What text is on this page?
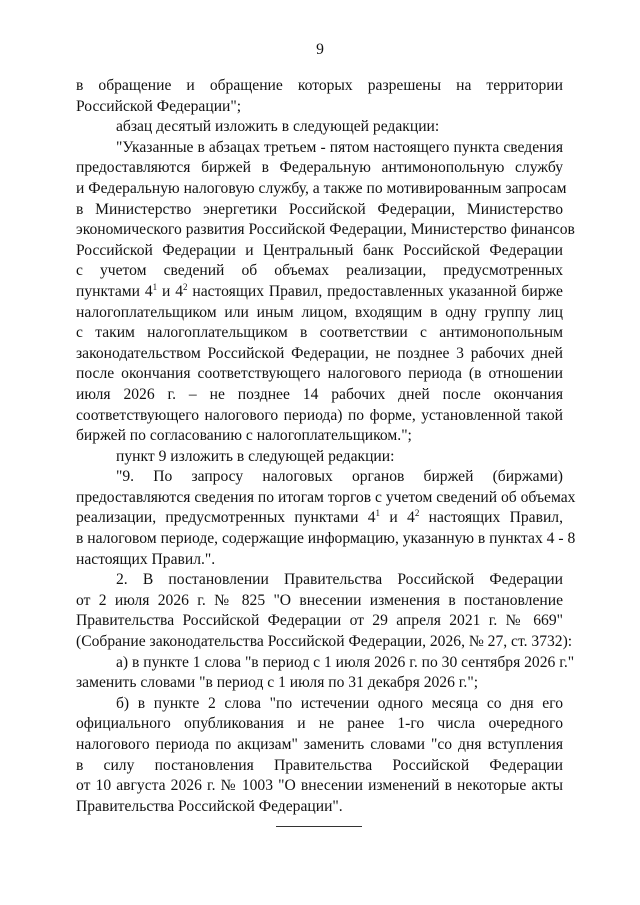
9
в обращение и обращение которых разрешены на территории
Российской Федерации";
абзац десятый изложить в следующей редакции:
"Указанные в абзацах третьем - пятом настоящего пункта сведения
предоставляются биржей в Федеральную антимонопольную службу
и Федеральную налоговую службу, а также по мотивированным запросам
в Министерство энергетики Российской Федерации, Министерство
экономического развития Российской Федерации, Министерство финансов
Российской Федерации и Центральный банк Российской Федерации
с учетом сведений об объемах реализации, предусмотренных
пунктами $4^1$ и $4^2$ настоящих Правил, предоставленных указанной бирже
налогоплательщиком или иным лицом, входящим в одну группу лиц
с таким налогоплательщиком в соответствии с антимонопольным
законодательством Российской Федерации, не позднее 3 рабочих дней
после окончания соответствующего налогового периода (в отношении
июля 2026 г. – не позднее 14 рабочих дней после окончания
соответствующего налогового периода) по форме, установленной такой
биржей по согласованию с налогоплательщиком.";
пункт 9 изложить в следующей редакции:
"9. По запросу налоговых органов биржей (биржами)
предоставляются сведения по итогам торгов с учетом сведений об объемах
реализации, предусмотренных пунктами $4^1$ и $4^2$ настоящих Правил,
в налоговом периоде, содержащие информацию, указанную в пунктах 4 - 8
настоящих Правил.".
2. В постановлении Правительства Российской Федерации
от 2 июля 2026 г. № 825 "О внесении изменения в постановление
Правительства Российской Федерации от 29 апреля 2021 г. № 669"
(Собрание законодательства Российской Федерации, 2026, № 27, ст. 3732):
а) в пункте 1 слова "в период с 1 июля 2026 г. по 30 сентября 2026 г."
заменить словами "в период с 1 июля по 31 декабря 2026 г.";
б) в пункте 2 слова "по истечении одного месяца со дня его
официального опубликования и не ранее 1-го числа очередного
налогового периода по акцизам" заменить словами "со дня вступления
в силу постановления Правительства Российской Федерации
от 10 августа 2026 г. № 1003 "О внесении изменений в некоторые акты
Правительства Российской Федерации".
